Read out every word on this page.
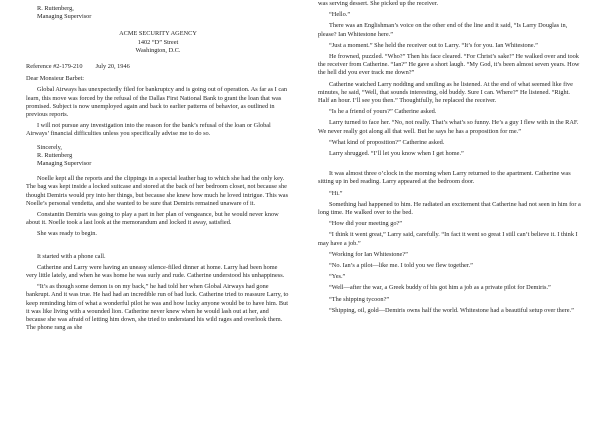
R. Ruttenberg,

Managing Supervisor

ACME SECURITY AGENCY

1402 “D” Street

Washington, D.C.

Reference #2-179-210 July 20, 1946

Dear Monsieur Barbet:

Global Airways has unexpectedly filed for bankruptcy and is going out of operation. As far as I can learn, this move was forced by the refusal of the Dallas First National Bank to grant the loan that was promised. Subject is now unemployed again and back to earlier patterns of behavior, as outlined in previous reports.

I will not pursue any investigation into the reason for the bank’s refusal of the loan or Global Airways’ financial difficulties unless you specifically advise me to do so.

Sincerely,

R. Ruttenberg

Managing Supervisor

Noelle kept all the reports and the clippings in a special leather bag to which she had the only key. The bag was kept inside a locked suitcase and stored at the back of her bedroom closet, not because she thought Demiris would pry into her things, but because she knew how much he loved intrigue. This was Noelle’s personal vendetta, and she wanted to be sure that Demiris remained unaware of it.

Constantin Demiris was going to play a part in her plan of vengeance, but he would never know about it. Noelle took a last look at the memorandum and locked it away, satisfied.

She was ready to begin.

It started with a phone call.

Catherine and Larry were having an uneasy silence-filled dinner at home. Larry had been home very little lately, and when he was home he was surly and rude. Catherine understood his unhappiness.

“It’s as though some demon is on my back,” he had told her when Global Airways had gone bankrupt. And it was true. He had had an incredible run of bad luck. Catherine tried to reassure Larry, to keep reminding him of what a wonderful pilot he was and how lucky anyone would be to have him. But it was like living with a wounded lion. Catherine never knew when he would lash out at her, and because she was afraid of letting him down, she tried to understand his wild rages and overlook them. The phone rang as she

was serving dessert. She picked up the receiver.

“Hello.”

There was an Englishman’s voice on the other end of the line and it said, “Is Larry Douglas in, please? Ian Whitestone here.”

“Just a moment.” She held the receiver out to Larry. “It’s for you. Ian Whitestone.”

He frowned, puzzled. “Who?” Then his face cleared. “For Christ’s sake!” He walked over and took the receiver from Catherine. “Ian?” He gave a short laugh. “My God, it’s been almost seven years. How the hell did you ever track me down?”

Catherine watched Larry nodding and smiling as he listened. At the end of what seemed like five minutes, he said, “Well, that sounds interesting, old buddy. Sure I can. Where?” He listened. “Right. Half an hour. I’ll see you then.” Thoughtfully, he replaced the receiver.

“Is he a friend of yours?” Catherine asked.

Larry turned to face her. “No, not really. That’s what’s so funny. He’s a guy I flew with in the RAF. We never really got along all that well. But he says he has a proposition for me.”

“What kind of proposition?” Catherine asked.

Larry shrugged. “I’ll let you know when I get home.”

It was almost three o’clock in the morning when Larry returned to the apartment. Catherine was sitting up in bed reading. Larry appeared at the bedroom door.

“Hi.”

Something had happened to him. He radiated an excitement that Catherine had not seen in him for a long time. He walked over to the bed.

“How did your meeting go?”

“I think it went great,” Larry said, carefully. “In fact it went so great I still can’t believe it. I think I may have a job.”

“Working for Ian Whitestone?”

“No. Ian’s a pilot—like me. I told you we flew together.”

“Yes.”

“Well—after the war, a Greek buddy of his got him a job as a private pilot for Demiris.”

“The shipping tycoon?”

“Shipping, oil, gold—Demiris owns half the world. Whitestone had a beautiful setup over there.”
